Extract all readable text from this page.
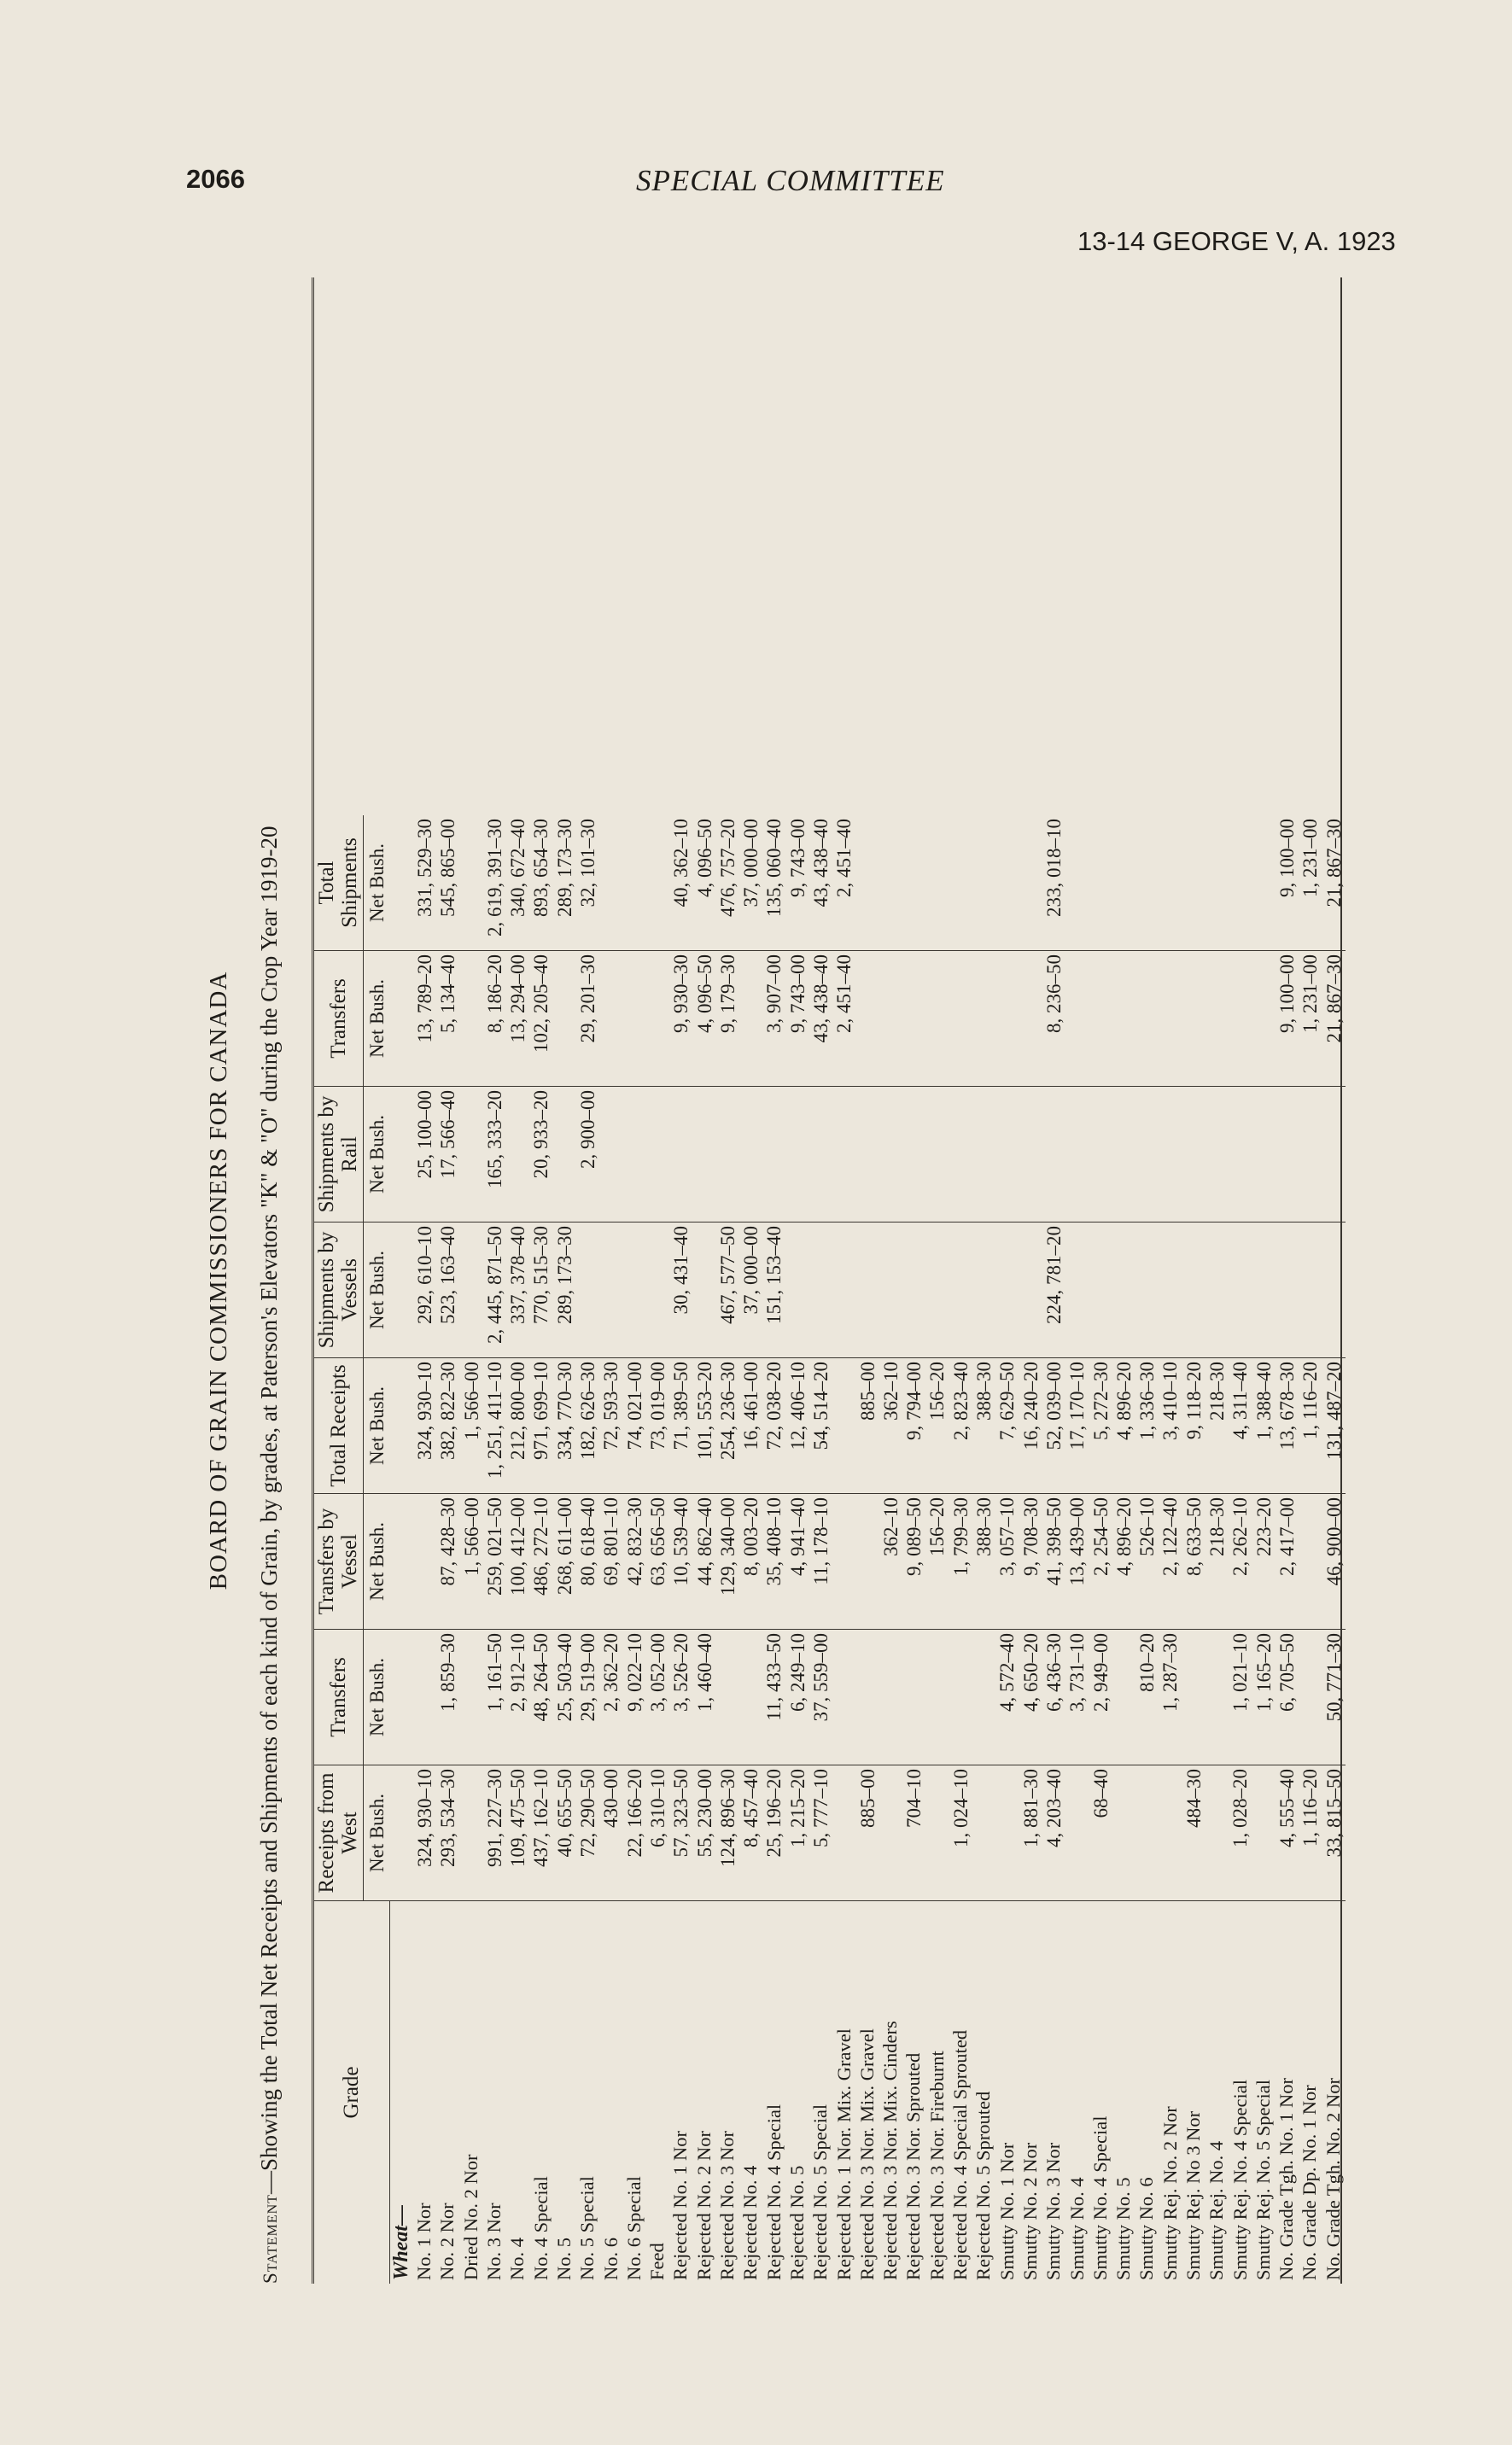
2066	SPECIAL COMMITTEE
13-14 GEORGE V, A. 1923
BOARD OF GRAIN COMMISSIONERS FOR CANADA
Statement—Showing the Total Net Receipts and Shipments of each kind of Grain, by grades, at Paterson's Elevators "K" & "O" during the Crop Year 1919-20	Grade	Receipts from West	Transfers	Transfers by Vessel	Total Receipts	Shipments by Vessels	Shipments by Rail	Transfers	Total Shipments
	Net Bush.	Net Bush.	Net Bush.	Net Bush.	Net Bush.	Net Bush.	Net Bush.	Net Bush.
Wheat—								
No. 1 Nor	324, 930–10			324, 930–10	292, 610–10	25, 100–00	13, 789–20	331, 529–30
No. 2 Nor	293, 534–30	1, 859–30	87, 428–30	382, 822–30	523, 163–40	17, 566–40	5, 134–40	545, 865–00
Dried No. 2 Nor			1, 566–00	1, 566–00				
No. 3 Nor	991, 227–30	1, 161–50	259, 021–50	1, 251, 411–10	2, 445, 871–50	165, 333–20	8, 186–20	2, 619, 391–30
No. 4	109, 475–50	2, 912–10	100, 412–00	212, 800–00	337, 378–40		13, 294–00	340, 672–40
No. 4 Special	437, 162–10	48, 264–50	486, 272–10	971, 699–10	770, 515–30	20, 933–20	102, 205–40	893, 654–30
No. 5	40, 655–50	25, 503–40	268, 611–00	334, 770–30	289, 173–30			289, 173–30
No. 5 Special	72, 290–50	29, 519–00	80, 618–40	182, 626–30		2, 900–00	29, 201–30	32, 101–30
No. 6	430–00	2, 362–20	69, 801–10	72, 593–30				
No. 6 Special	22, 166–20	9, 022–10	42, 832–30	74, 021–00				
Feed	6, 310–10	3, 052–00	63, 656–50	73, 019–00				
Rejected No. 1 Nor	57, 323–50	3, 526–20	10, 539–40	71, 389–50	30, 431–40		9, 930–30	40, 362–10
Rejected No. 2 Nor	55, 230–00	1, 460–40	44, 862–40	101, 553–20			4, 096–50	4, 096–50
Rejected No. 3 Nor	124, 896–30		129, 340–00	254, 236–30	467, 577–50		9, 179–30	476, 757–20
Rejected No. 4	8, 457–40		8, 003–20	16, 461–00	37, 000–00			37, 000–00
Rejected No. 4 Special	25, 196–20	11, 433–50	35, 408–10	72, 038–20	151, 153–40		3, 907–00	135, 060–40
Rejected No. 5	1, 215–20	6, 249–10	4, 941–40	12, 406–10			9, 743–00	9, 743–00
Rejected No. 5 Special	5, 777–10	37, 559–00	11, 178–10	54, 514–20			43, 438–40	43, 438–40
Rejected No. 1 Nor. Mix. Gravel							2, 451–40	2, 451–40
Rejected No. 3 Nor. Mix. Gravel	885–00			885–00				
Rejected No. 3 Nor. Mix. Cinders			362–10	362–10				
Rejected No. 3 Nor. Sprouted	704–10		9, 089–50	9, 794–00				
Rejected No. 3 Nor. Fireburnt			156–20	156–20				
Rejected No. 4 Special Sprouted	1, 024–10		1, 799–30	2, 823–40				
Rejected No. 5 Sprouted			388–30	388–30				
Smutty No. 1 Nor		4, 572–40	3, 057–10	7, 629–50				
Smutty No. 2 Nor	1, 881–30	4, 650–20	9, 708–30	16, 240–20				
Smutty No. 3 Nor	4, 203–40	6, 436–30	41, 398–50	52, 039–00	224, 781–20		8, 236–50	233, 018–10
Smutty No. 4		3, 731–10	13, 439–00	17, 170–10				
Smutty No. 4 Special	68–40	2, 949–00	2, 254–50	5, 272–30				
Smutty No. 5			4, 896–20	4, 896–20				
Smutty No. 6		810–20	526–10	1, 336–30				
Smutty Rej. No. 2 Nor		1, 287–30	2, 122–40	3, 410–10				
Smutty Rej. No 3 Nor	484–30		8, 633–50	9, 118–20				
Smutty Rej. No. 4			218–30	218–30				
Smutty Rej. No. 4 Special	1, 028–20	1, 021–10	2, 262–10	4, 311–40				
Smutty Rej. No. 5 Special		1, 165–20	223–20	1, 388–40				
No. Grade Tgh. No. 1 Nor	4, 555–40	6, 705–50	2, 417–00	13, 678–30			9, 100–00	9, 100–00
No. Grade Dp. No. 1 Nor	1, 116–20			1, 116–20			1, 231–00	1, 231–00
No. Grade Tgh. No. 2 Nor	33, 815–50	50, 771–30	46, 900–00	131, 487–20			21, 867–30	21, 867–30
